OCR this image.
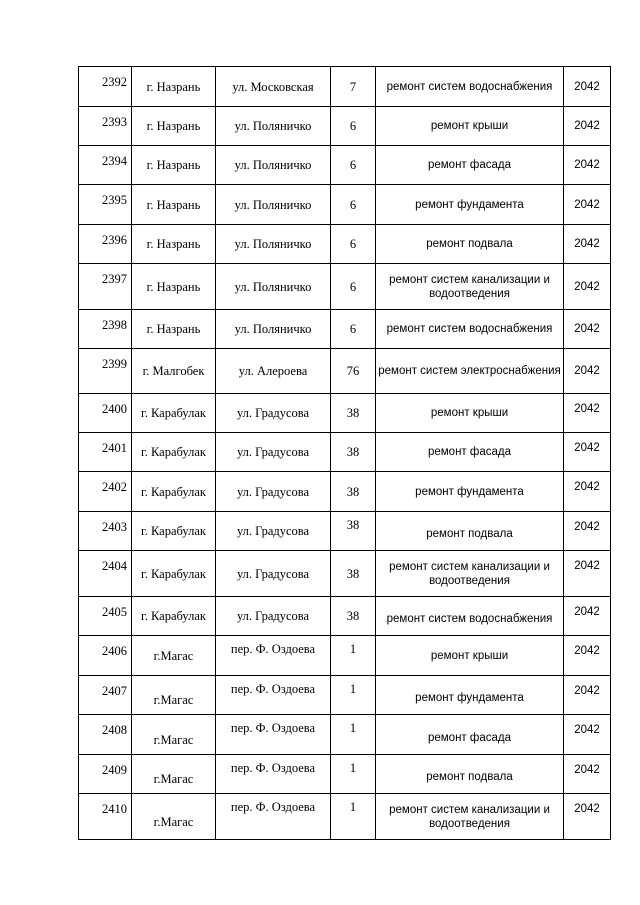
2392	г. Назрань	ул. Московская	7	ремонт систем водоснабжения	2042
2393	г. Назрань	ул. Поляничко	6	ремонт крыши	2042
2394	г. Назрань	ул. Поляничко	6	ремонт фасада	2042
2395	г. Назрань	ул. Поляничко	6	ремонт фундамента	2042
2396	г. Назрань	ул. Поляничко	6	ремонт подвала	2042
2397	г. Назрань	ул. Поляничко	6	ремонт систем канализации и водоотведения	2042
2398	г. Назрань	ул. Поляничко	6	ремонт систем водоснабжения	2042
2399	г. Малгобек	ул. Алероева	76	ремонт систем электроснабжения	2042
2400	г. Карабулак	ул. Градусова	38	ремонт крыши	2042
2401	г. Карабулак	ул. Градусова	38	ремонт фасада	2042
2402	г. Карабулак	ул. Градусова	38	ремонт фундамента	2042
2403	г. Карабулак	ул. Градусова	38	ремонт подвала	2042
2404	г. Карабулак	ул. Градусова	38	ремонт систем канализации и водоотведения	2042
2405	г. Карабулак	ул. Градусова	38	ремонт систем водоснабжения	2042
2406	г.Магас	пер. Ф. Оздоева	1	ремонт крыши	2042
2407	г.Магас	пер. Ф. Оздоева	1	ремонт фундамента	2042
2408	г.Магас	пер. Ф. Оздоева	1	ремонт фасада	2042
2409	г.Магас	пер. Ф. Оздоева	1	ремонт подвала	2042
2410	г.Магас	пер. Ф. Оздоева	1	ремонт систем канализации и водоотведения	2042
